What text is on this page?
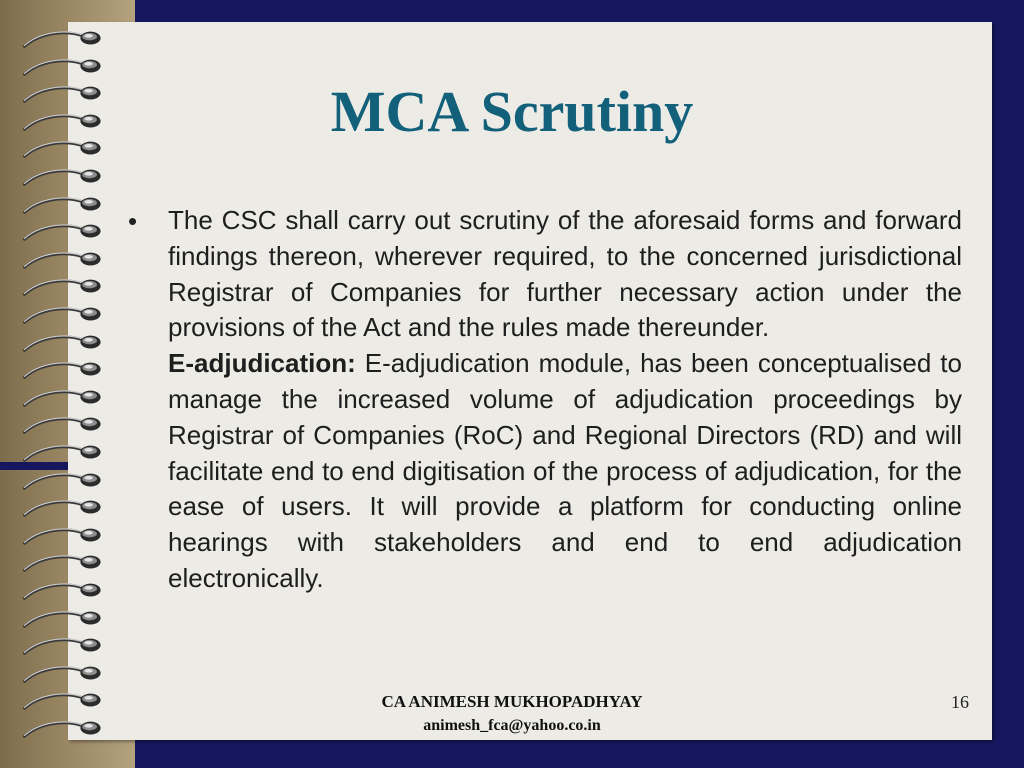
MCA Scrutiny
• The CSC shall carry out scrutiny of the aforesaid forms and forward findings thereon, wherever required, to the concerned jurisdictional Registrar of Companies for further necessary action under the provisions of the Act and the rules made thereunder.
E-adjudication: E-adjudication module, has been conceptualised to manage the increased volume of adjudication proceedings by Registrar of Companies (RoC) and Regional Directors (RD) and will facilitate end to end digitisation of the process of adjudication, for the ease of users. It will provide a platform for conducting online hearings with stakeholders and end to end adjudication electronically.

CA ANIMESH MUKHOPADHYAY
animesh_fca@yahoo.co.in
16
